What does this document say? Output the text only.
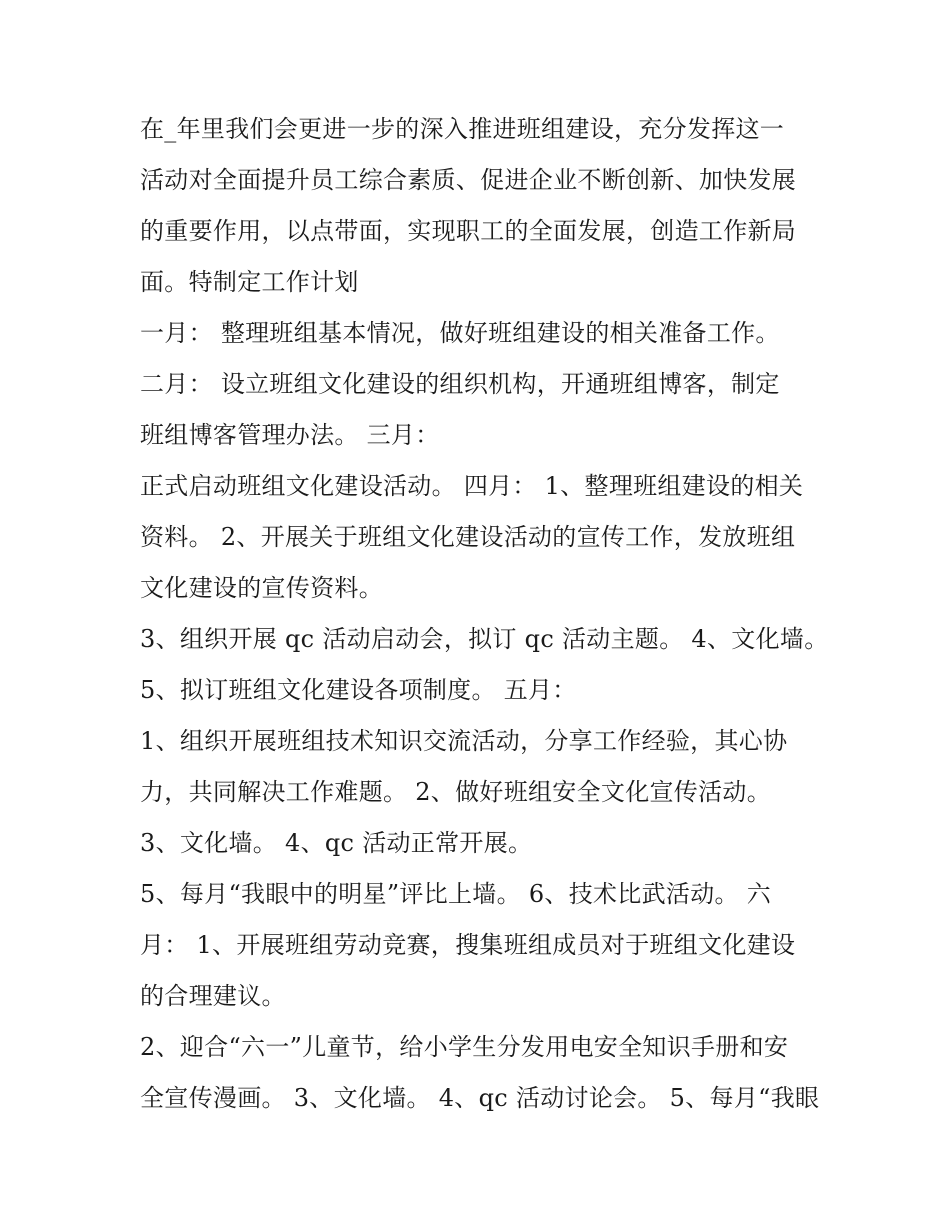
在_年里我们会更进一步的深入推进班组建设，充分发挥这一
活动对全面提升员工综合素质、促进企业不断创新、加快发展
的重要作用，以点带面，实现职工的全面发展，创造工作新局
面。特制定工作计划
一月： 整理班组基本情况，做好班组建设的相关准备工作。
二月： 设立班组文化建设的组织机构，开通班组博客，制定
班组博客管理办法。 三月：
正式启动班组文化建设活动。 四月： 1、整理班组建设的相关
资料。 2、开展关于班组文化建设活动的宣传工作，发放班组
文化建设的宣传资料。
3、组织开展 qc 活动启动会，拟订 qc 活动主题。 4、文化墙。
5、拟订班组文化建设各项制度。 五月：
1、组织开展班组技术知识交流活动，分享工作经验，其心协
力，共同解决工作难题。 2、做好班组安全文化宣传活动。
3、文化墙。 4、qc 活动正常开展。
5、每月“我眼中的明星”评比上墙。 6、技术比武活动。 六
月： 1、开展班组劳动竞赛，搜集班组成员对于班组文化建设
的合理建议。
2、迎合“六一”儿童节，给小学生分发用电安全知识手册和安
全宣传漫画。 3、文化墙。 4、qc 活动讨论会。 5、每月“我眼
